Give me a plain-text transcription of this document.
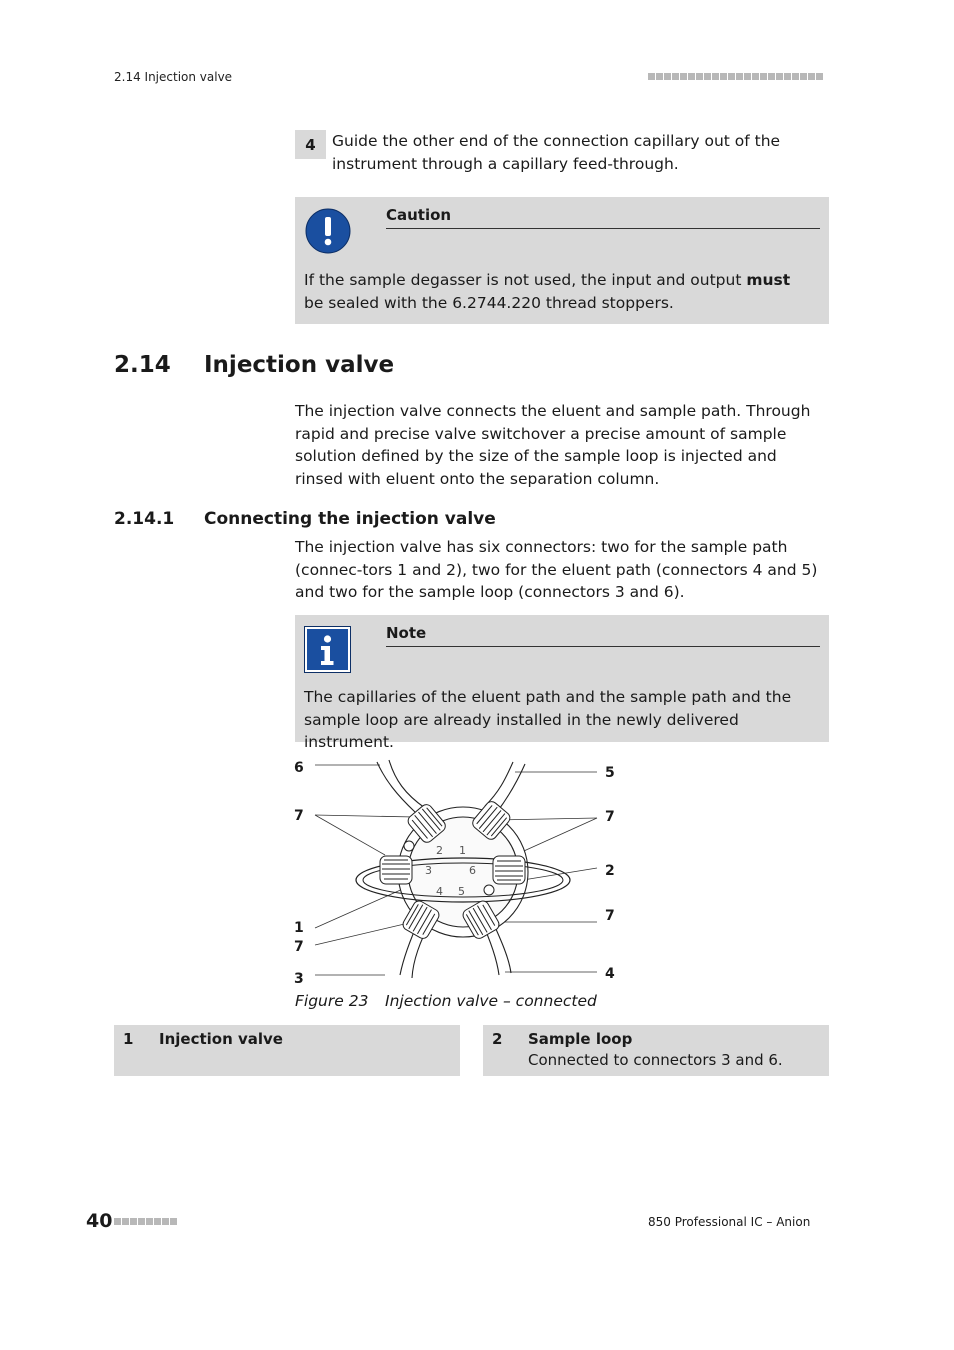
2.14 Injection valve
4	Guide the other end of the connection capillary out of the instrument through a capillary feed-through.
Caution
If the sample degasser is not used, the input and output must be sealed with the 6.2744.220 thread stoppers.
2.14 Injection valve
The injection valve connects the eluent and sample path. Through rapid and precise valve switchover a precise amount of sample solution defined by the size of the sample loop is injected and rinsed with eluent onto the separation column.
2.14.1 Connecting the injection valve
The injection valve has six connectors: two for the sample path (connec-tors 1 and 2), two for the eluent path (connectors 4 and 5) and two for the sample loop (connectors 3 and 6).
Note
The capillaries of the eluent path and the sample path and the sample loop are already installed in the newly delivered instrument.
2 1
3	6
4 5
6
7
1
7
3
5
7
2
7
4
Figure 23 Injection valve – connected
1 Injection valve	2 Sample loop
Connected to connectors 3 and 6.
40	850 Professional IC – Anion
